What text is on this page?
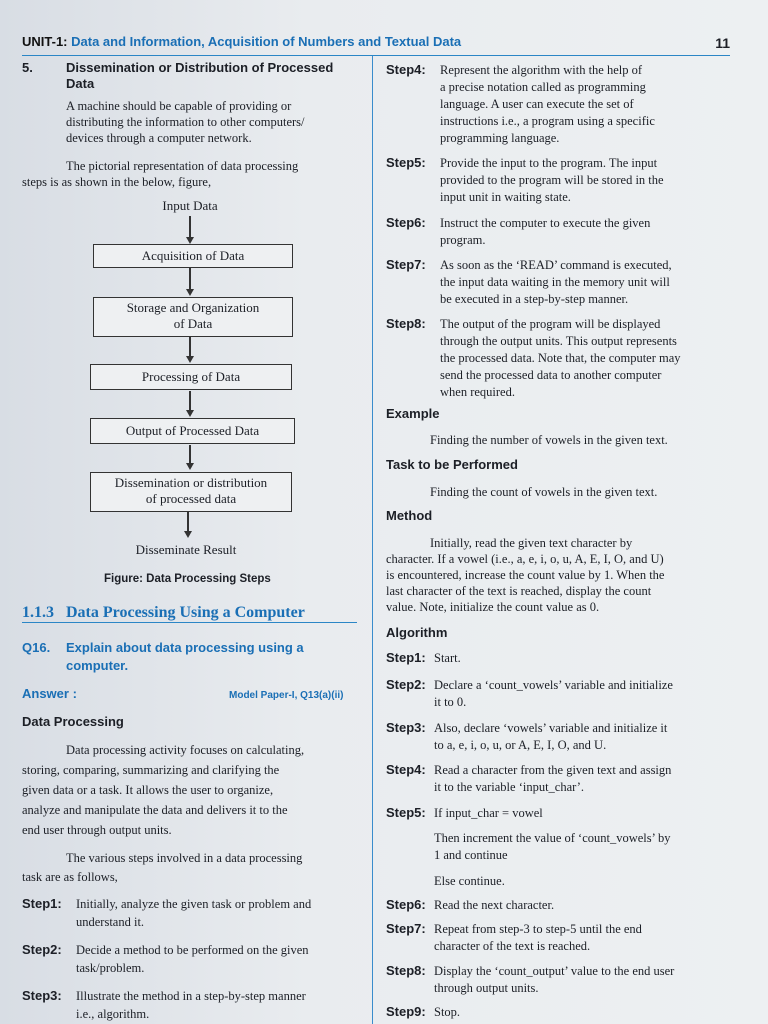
UNIT-1: Data and Information, Acquisition of Numbers and Textual Data	11
5.	Dissemination or Distribution of Processed
Data
A machine should be capable of providing or
distributing the information to other computers/
devices through a computer network.
The pictorial representation of data processing
steps is as shown in the below, figure,
Input Data
Acquisition of Data
Storage and Organization
of Data
Processing of Data
Output of Processed Data
Dissemination or distribution
of processed data
Disseminate Result
Figure: Data Processing Steps
1.1.3 Data Processing Using a Computer
Q16. Explain about data processing using a
computer.
Answer :	Model Paper-I, Q13(a)(ii)
Data Processing
Data processing activity focuses on calculating,
storing, comparing, summarizing and clarifying the
given data or a task. It allows the user to organize,
analyze and manipulate the data and delivers it to the
end user through output units.
The various steps involved in a data processing
task are as follows,
Step1: Initially, analyze the given task or problem and
understand it.
Step2: Decide a method to be performed on the given
task/problem.
Step3: Illustrate the method in a step-by-step manner
i.e., algorithm.
Step4: Represent the algorithm with the help of
a precise notation called as programming
language. A user can execute the set of
instructions i.e., a program using a specific
programming language.
Step5: Provide the input to the program. The input
provided to the program will be stored in the
input unit in waiting state.
Step6: Instruct the computer to execute the given
program.
Step7: As soon as the ‘READ’ command is executed,
the input data waiting in the memory unit will
be executed in a step-by-step manner.
Step8: The output of the program will be displayed
through the output units. This output represents
the processed data. Note that, the computer may
send the processed data to another computer
when required.
Example
Finding the number of vowels in the given text.
Task to be Performed
Finding the count of vowels in the given text.
Method
Initially, read the given text character by
character. If a vowel (i.e., a, e, i, o, u, A, E, I, O, and U)
is encountered, increase the count value by 1. When the
last character of the text is reached, display the count
value. Note, initialize the count value as 0.
Algorithm
Step1: Start.
Step2: Declare a ‘count_vowels’ variable and initialize
it to 0.
Step3: Also, declare ‘vowels’ variable and initialize it
to a, e, i, o, u, or A, E, I, O, and U.
Step4: Read a character from the given text and assign
it to the variable ‘input_char’.
Step5: If input_char = vowel
Then increment the value of ‘count_vowels’ by
1 and continue
Else continue.
Step6: Read the next character.
Step7: Repeat from step-3 to step-5 until the end
character of the text is reached.
Step8: Display the ‘count_output’ value to the end user
through output units.
Step9: Stop.
